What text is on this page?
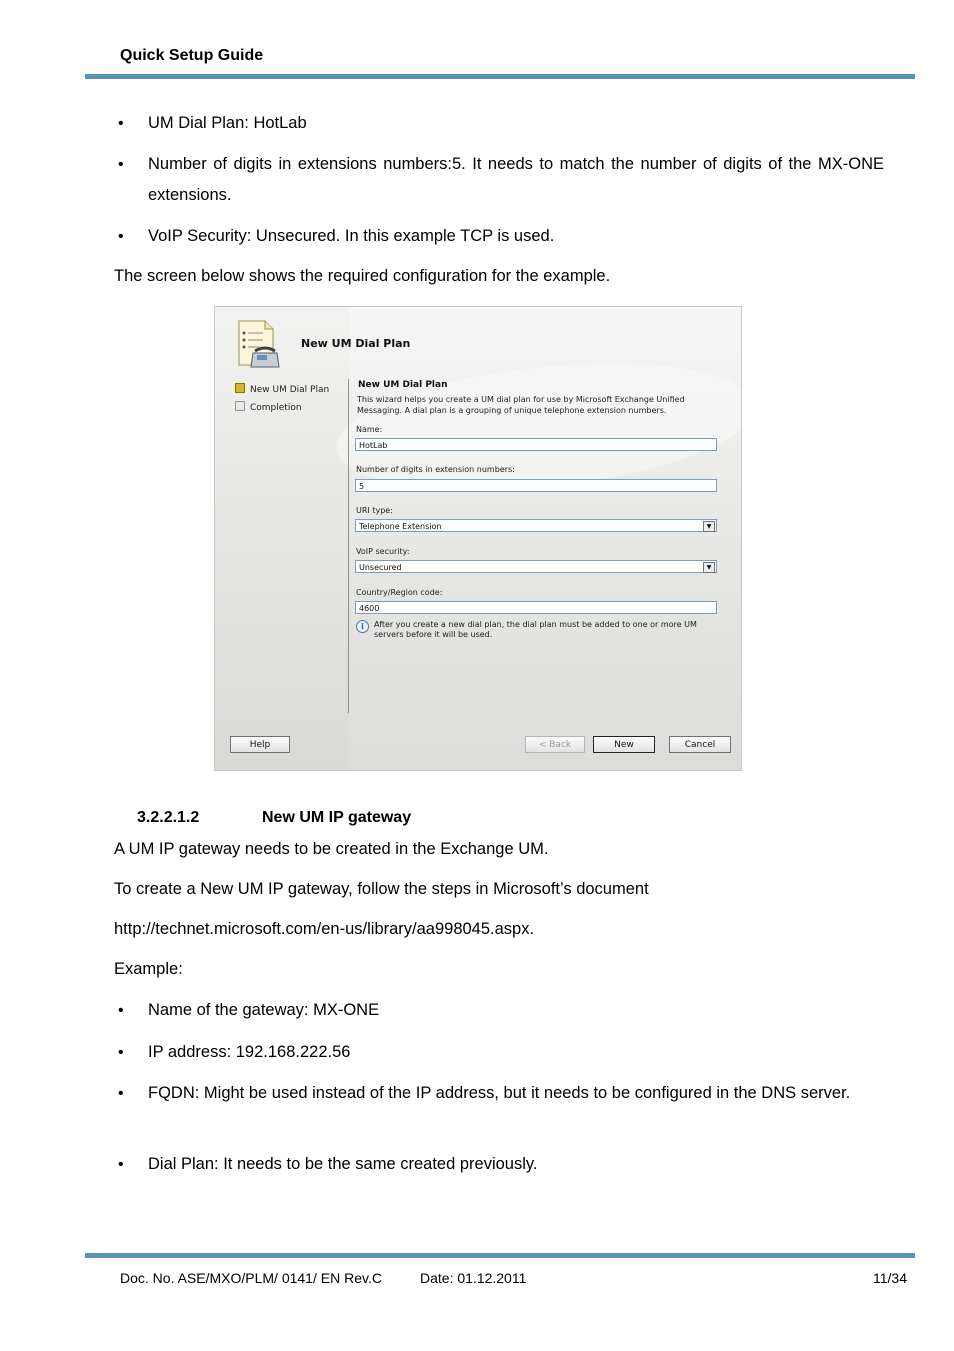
Quick Setup Guide
• UM Dial Plan: HotLab
• Number of digits in extensions numbers:5. It needs to match the number of digits of the MX-ONE extensions.
• VoIP Security: Unsecured. In this example TCP is used.
The screen below shows the required configuration for the example.
New UM Dial Plan
New UM Dial Plan
Completion
New UM Dial Plan
This wizard helps you create a UM dial plan for use by Microsoft Exchange Unified Messaging. A dial plan is a grouping of unique telephone extension numbers.
Name:
HotLab
Number of digits in extension numbers:
5
URI type:
Telephone Extension	▼
VoIP security:
Unsecured	▼
Country/Region code:
4600
i	After you create a new dial plan, the dial plan must be added to one or more UM servers before it will be used.
Help	< Back	New	Cancel
3.2.2.1.2	New UM IP gateway
A UM IP gateway needs to be created in the Exchange UM.
To create a New UM IP gateway, follow the steps in Microsoft’s document
http://technet.microsoft.com/en-us/library/aa998045.aspx.
Example:
• Name of the gateway: MX-ONE
• IP address: 192.168.222.56
• FQDN: Might be used instead of the IP address, but it needs to be configured in the DNS server.
• Dial Plan: It needs to be the same created previously.
Doc. No. ASE/MXO/PLM/ 0141/ EN Rev.C	Date: 01.12.2011	11/34
